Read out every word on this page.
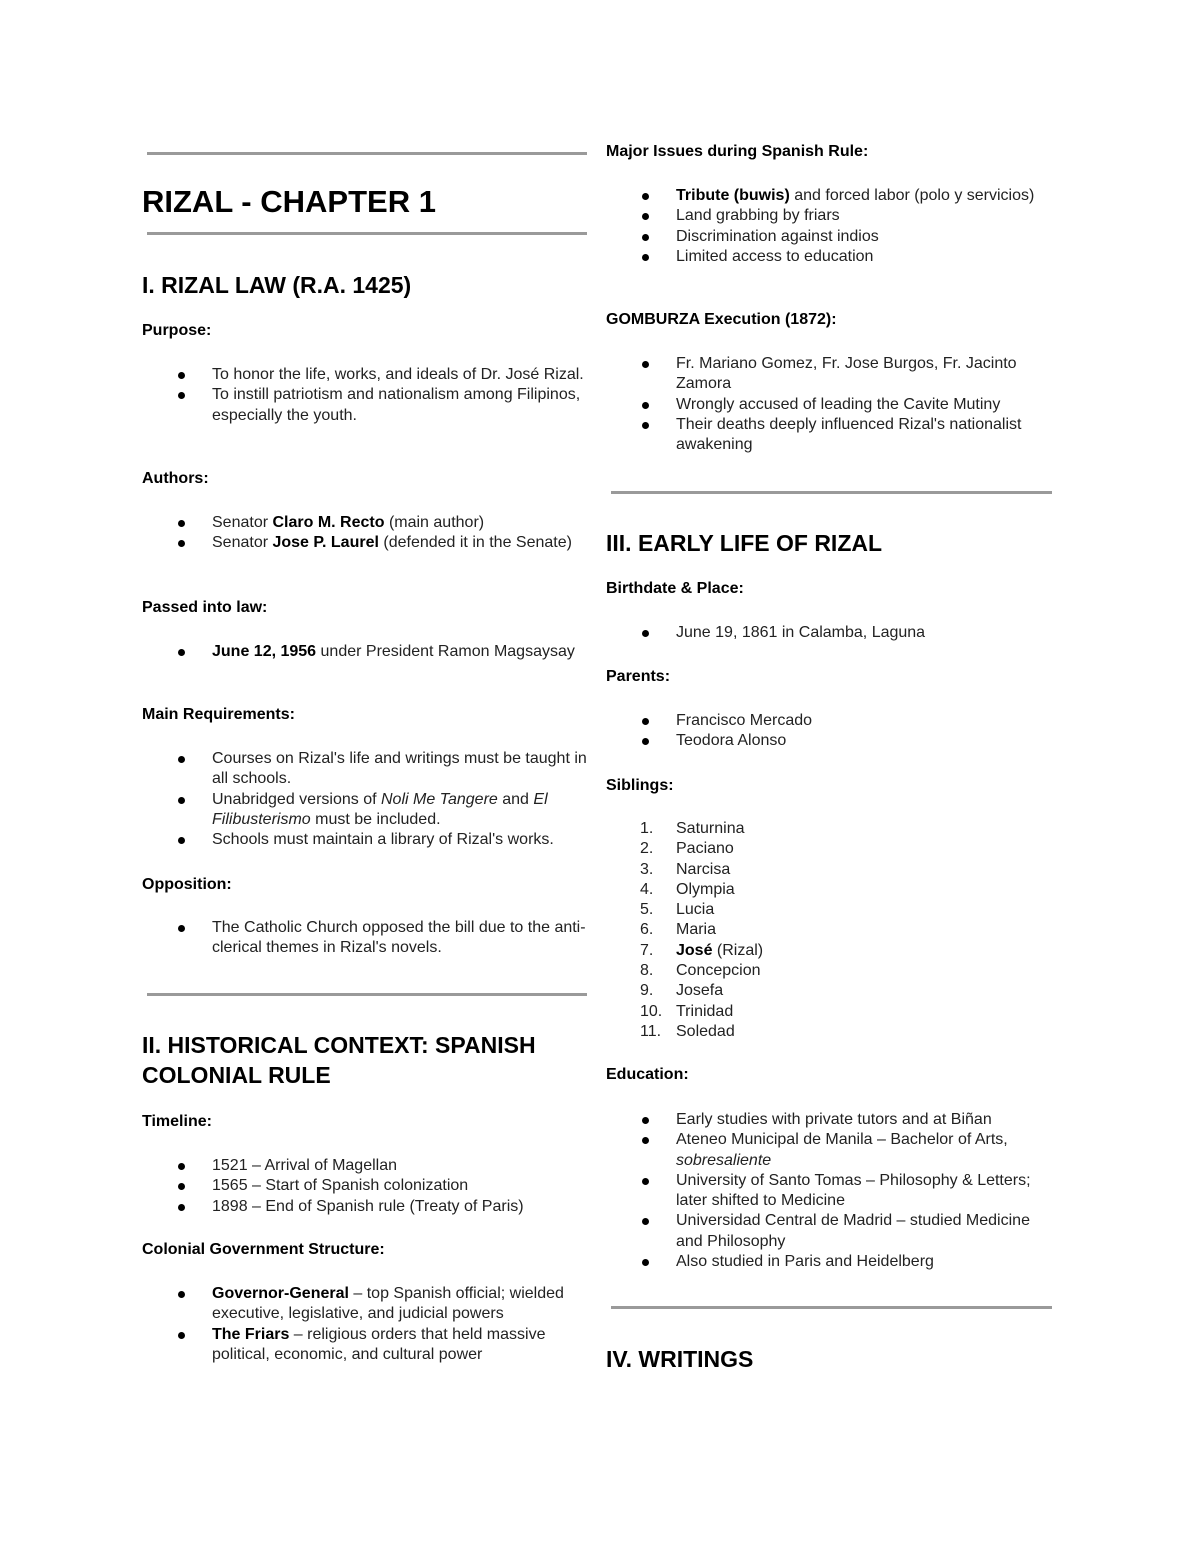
RIZAL - CHAPTER 1
I. RIZAL LAW (R.A. 1425)
Purpose:
To honor the life, works, and ideals of Dr. José Rizal.
To instill patriotism and nationalism among Filipinos, especially the youth.
Authors:
Senator Claro M. Recto (main author)
Senator Jose P. Laurel (defended it in the Senate)
Passed into law:
June 12, 1956 under President Ramon Magsaysay
Main Requirements:
Courses on Rizal's life and writings must be taught in all schools.
Unabridged versions of Noli Me Tangere and El Filibusterismo must be included.
Schools must maintain a library of Rizal's works.
Opposition:
The Catholic Church opposed the bill due to the anti-clerical themes in Rizal's novels.
II. HISTORICAL CONTEXT: SPANISH COLONIAL RULE
Timeline:
1521 – Arrival of Magellan
1565 – Start of Spanish colonization
1898 – End of Spanish rule (Treaty of Paris)
Colonial Government Structure:
Governor-General – top Spanish official; wielded executive, legislative, and judicial powers
The Friars – religious orders that held massive political, economic, and cultural power
Major Issues during Spanish Rule:
Tribute (buwis) and forced labor (polo y servicios)
Land grabbing by friars
Discrimination against indios
Limited access to education
GOMBURZA Execution (1872):
Fr. Mariano Gomez, Fr. Jose Burgos, Fr. Jacinto Zamora
Wrongly accused of leading the Cavite Mutiny
Their deaths deeply influenced Rizal's nationalist awakening
III. EARLY LIFE OF RIZAL
Birthdate & Place:
June 19, 1861 in Calamba, Laguna
Parents:
Francisco Mercado
Teodora Alonso
Siblings:
1. Saturnina
2. Paciano
3. Narcisa
4. Olympia
5. Lucia
6. Maria
7. José (Rizal)
8. Concepcion
9. Josefa
10. Trinidad
11. Soledad
Education:
Early studies with private tutors and at Biñan
Ateneo Municipal de Manila – Bachelor of Arts, sobresaliente
University of Santo Tomas – Philosophy & Letters; later shifted to Medicine
Universidad Central de Madrid – studied Medicine and Philosophy
Also studied in Paris and Heidelberg
IV. WRITINGS
